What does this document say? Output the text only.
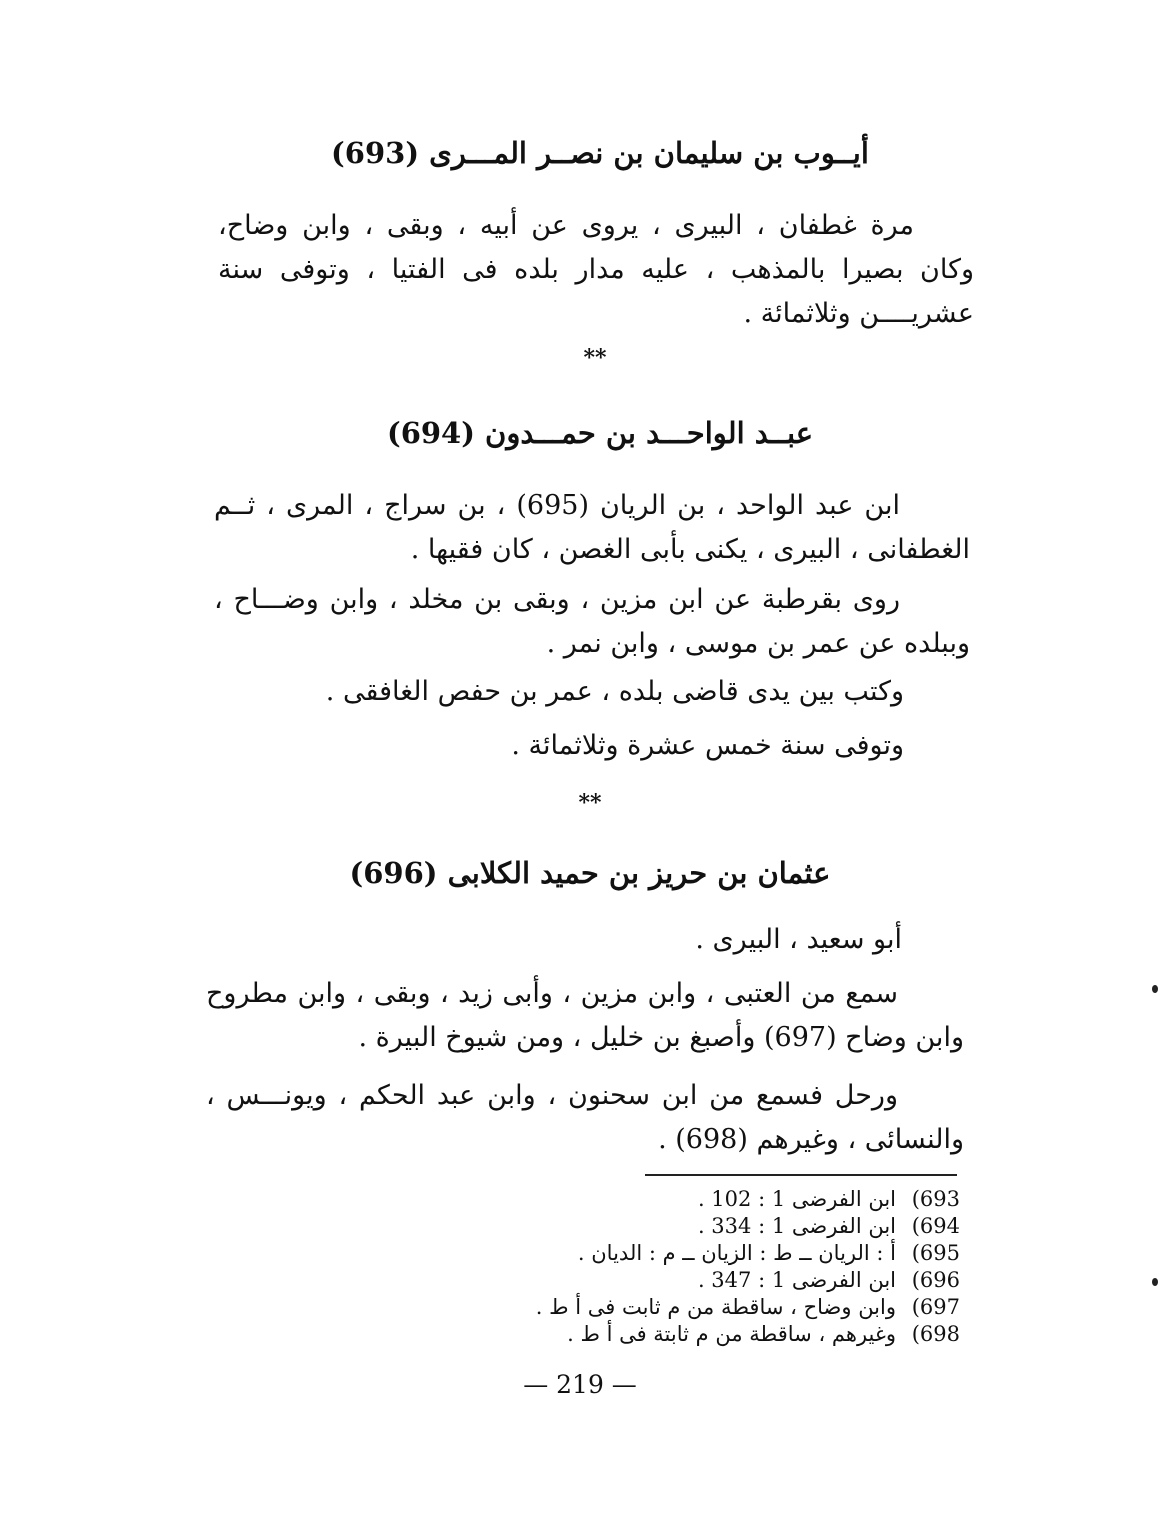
أيــوب بن سليمان بن نصــر المـــرى (693)
مرة غطفان ، البيرى ، يروى عن أبيه ، وبقى ، وابن وضاح، وكان بصيرا بالمذهب ، عليه مدار بلده فى الفتيا ، وتوفى سنة عشريــــن وثلاثمائة .
**
عبــد الواحـــد بن حمـــدون (694)
ابن عبد الواحد ، بن الريان (695) ، بن سراج ، المرى ، ثــم الغطفانى ، البيرى ، يكنى بأبى الغصن ، كان فقيها .
روى بقرطبة عن ابن مزين ، وبقى بن مخلد ، وابن وضـــاح ، وببلده عن عمر بن موسى ، وابن نمر .
وكتب بين يدى قاضى بلده ، عمر بن حفص الغافقى .
وتوفى سنة خمس عشرة وثلاثمائة .
**
عثمان بن حريز بن حميد الكلابى (696)
أبو سعيد ، البيرى .
سمع من العتبى ، وابن مزين ، وأبى زيد ، وبقى ، وابن مطروح وابن وضاح (697) وأصبغ بن خليل ، ومن شيوخ البيرة .
ورحل فسمع من ابن سحنون ، وابن عبد الحكم ، ويونـــس ، والنسائى ، وغيرهم (698) .
(693
ابن الفرضى 1 : 102 .
(694
ابن الفرضى 1 : 334 .
(695
أ : الريان ــ ط : الزيان ــ م : الديان .
(696
ابن الفرضى 1 : 347 .
(697
وابن وضاح ، ساقطة من م ثابت فى أ ط .
(698
وغيرهم ، ساقطة من م ثابتة فى أ ط .
— 219 —
